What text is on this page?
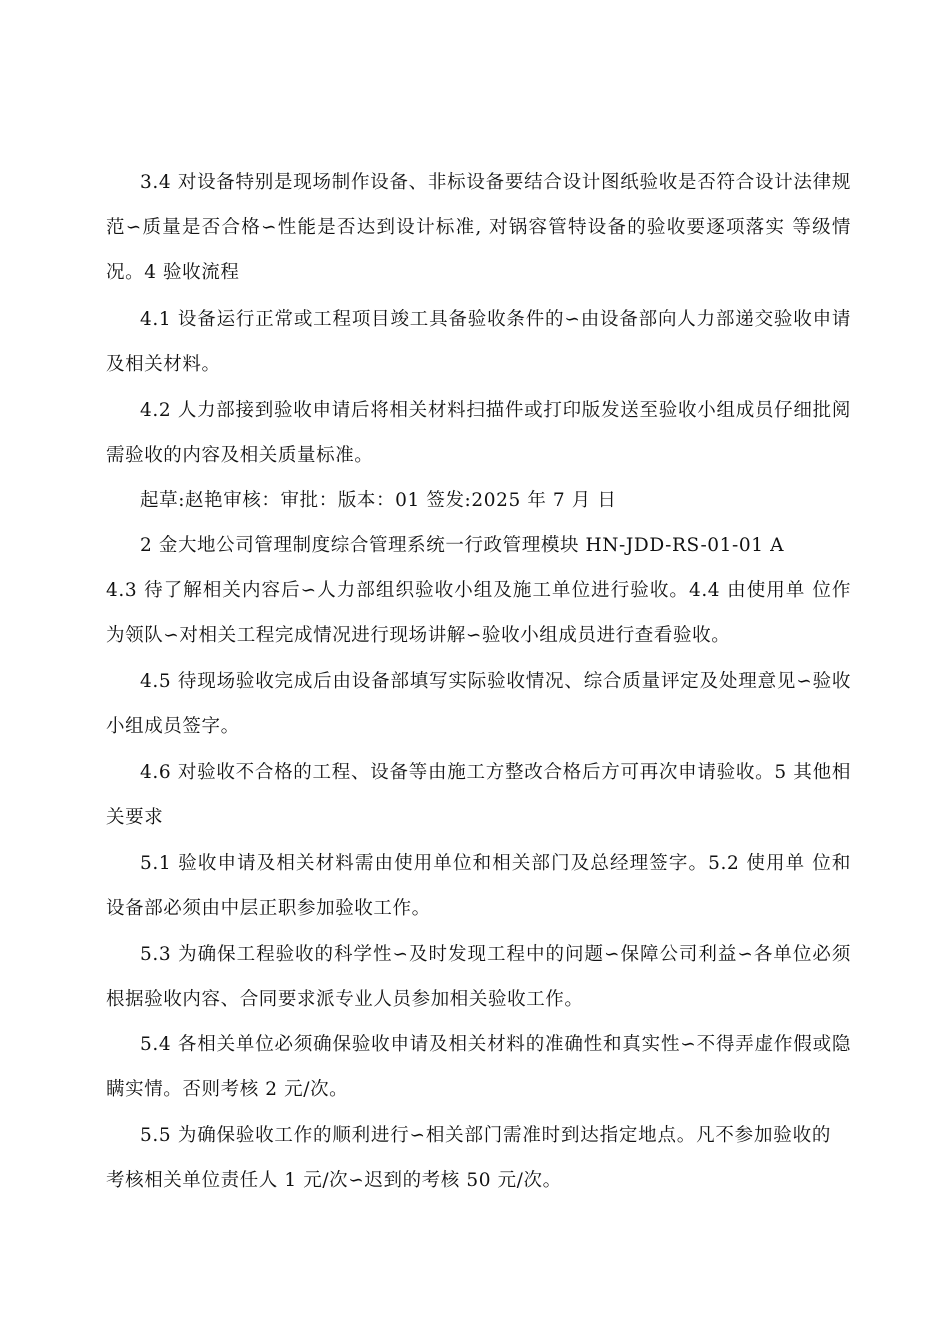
3.4 对设备特别是现场制作设备、非标设备要结合设计图纸验收是否符合设计法律规范∽质量是否合格∽性能是否达到设计标准, 对锅容管特设备的验收要逐项落实 等级情况。4 验收流程

4.1 设备运行正常或工程项目竣工具备验收条件的∽由设备部向人力部递交验收申请及相关材料。

4.2 人力部接到验收申请后将相关材料扫描件或打印版发送至验收小组成员仔细批阅需验收的内容及相关质量标准。

起草:赵艳审核：审批：版本：01 签发:2025 年 7 月 日

2 金大地公司管理制度综合管理系统一行政管理模块 HN-JDD-RS-01-01 A

4.3 待了解相关内容后∽人力部组织验收小组及施工单位进行验收。4.4 由使用单 位作为领队∽对相关工程完成情况进行现场讲解∽验收小组成员进行查看验收。

4.5 待现场验收完成后由设备部填写实际验收情况、综合质量评定及处理意见∽验收小组成员签字。

4.6 对验收不合格的工程、设备等由施工方整改合格后方可再次申请验收。5 其他相关要求

5.1 验收申请及相关材料需由使用单位和相关部门及总经理签字。5.2 使用单 位和设备部必须由中层正职参加验收工作。

5.3 为确保工程验收的科学性∽及时发现工程中的问题∽保障公司利益∽各单位必须根据验收内容、合同要求派专业人员参加相关验收工作。

5.4 各相关单位必须确保验收申请及相关材料的准确性和真实性∽不得弄虚作假或隐瞒实情。否则考核 2 元/次。

5.5 为确保验收工作的顺利进行∽相关部门需准时到达指定地点。凡不参加验收的考核相关单位责任人 1 元/次∽迟到的考核 50 元/次。
